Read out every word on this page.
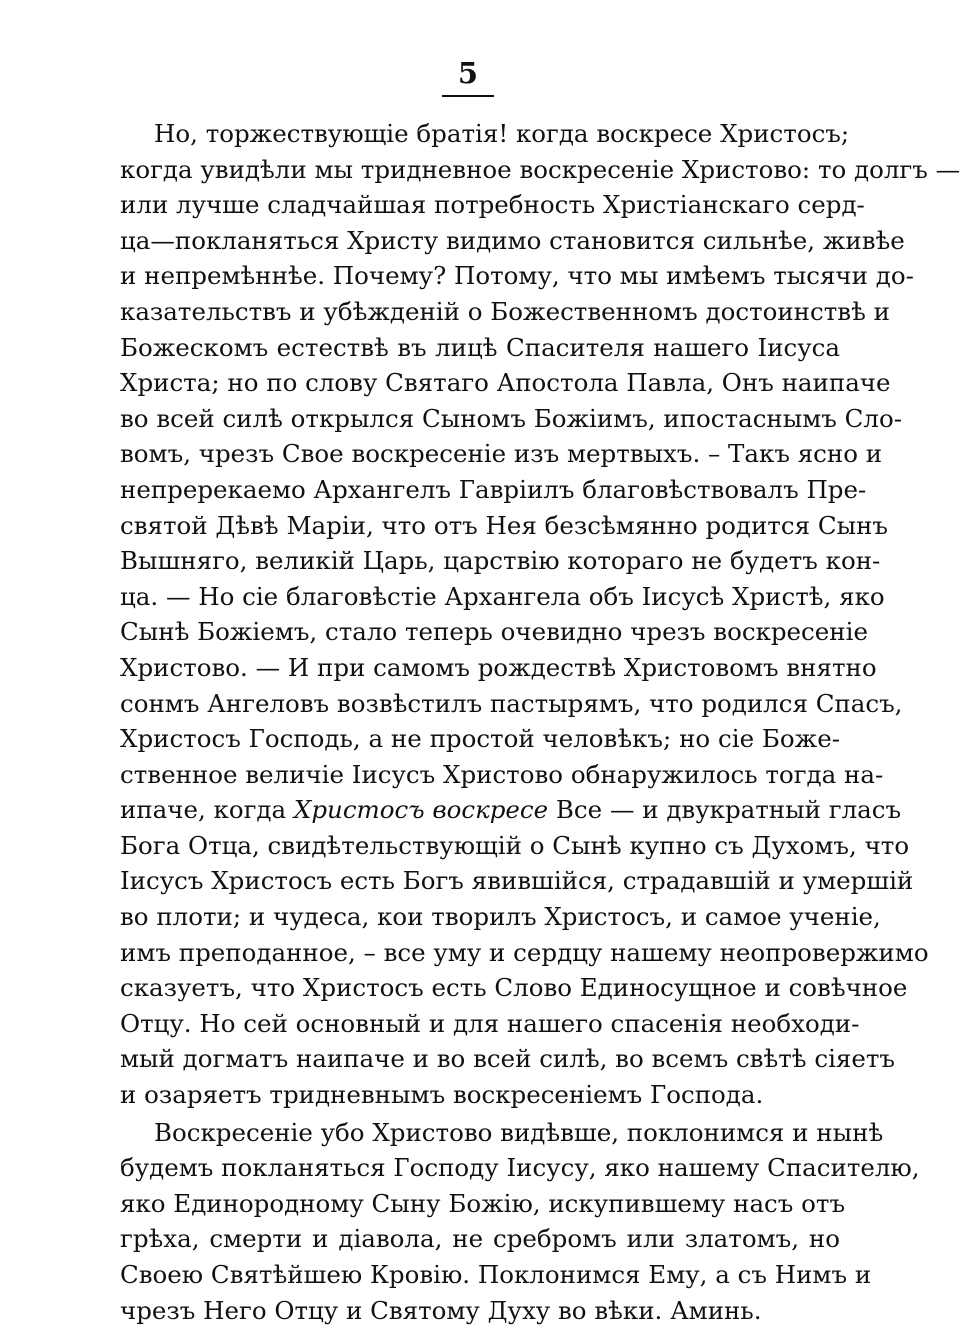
5
Но, торжествующіе братія! когда воскресе Христосъ;
когда увидѣли мы тридневное воскресеніе Христово: то долгъ —
или лучше сладчайшая потребность Христіанскаго серд-
ца—покланяться Христу видимо становится сильнѣе, живѣе
и непремѣннѣе. Почему? Потому, что мы имѣемъ тысячи до-
казательствъ и убѣжденій о Божественномъ достоинствѣ и
Божескомъ естествѣ въ лицѣ Спасителя нашего Іисуса
Христа; но по слову Святаго Апостола Павла, Онъ наипаче
во всей силѣ открылся Сыномъ Божіимъ, ипостаснымъ Сло-
вомъ, чрезъ Свое воскресеніе изъ мертвыхъ. – Такъ ясно и
непререкаемо Архангелъ Гавріилъ благовѣствовалъ Пре-
святой Дѣвѣ Маріи, что отъ Нея безсѣмянно родится Сынъ
Вышняго, великій Царь, царствію котораго не будетъ кон-
ца. — Но сіе благовѣстіе Архангела объ Іисусѣ Христѣ, яко
Сынѣ Божіемъ, стало теперь очевидно чрезъ воскресеніе
Христово. — И при самомъ рождествѣ Христовомъ внятно
сонмъ Ангеловъ возвѣстилъ пастырямъ, что родился Спасъ,
Христосъ Господь, а не простой человѣкъ; но сіе Боже-
ственное величіе Іисусъ Христово обнаружилось тогда на-
ипаче, когда Христосъ воскресе Все — и двукратный гласъ
Бога Отца, свидѣтельствующій о Сынѣ купно съ Духомъ, что
Іисусъ Христосъ есть Богъ явившійся, страдавшій и умершій
во плоти; и чудеса, кои творилъ Христосъ, и самое ученіе,
имъ преподанное, – все уму и сердцу нашему неопровержимо
сказуетъ, что Христосъ есть Слово Единосущное и совѣчное
Отцу. Но сей основный и для нашего спасенія необходи-
мый догматъ наипаче и во всей силѣ, во всемъ свѣтѣ сіяетъ
и озаряетъ тридневнымъ воскресеніемъ Господа.
Воскресеніе убо Христово видѣвше, поклонимся и нынѣ
будемъ покланяться Господу Іисусу, яко нашему Спасителю,
яко Единородному Сыну Божію, искупившему насъ отъ
грѣха, смерти и діавола, не сребромъ или златомъ, но
Своею Святѣйшею Кровію. Поклонимся Ему, а съ Нимъ и
чрезъ Него Отцу и Святому Духу во вѣки. Аминь.
